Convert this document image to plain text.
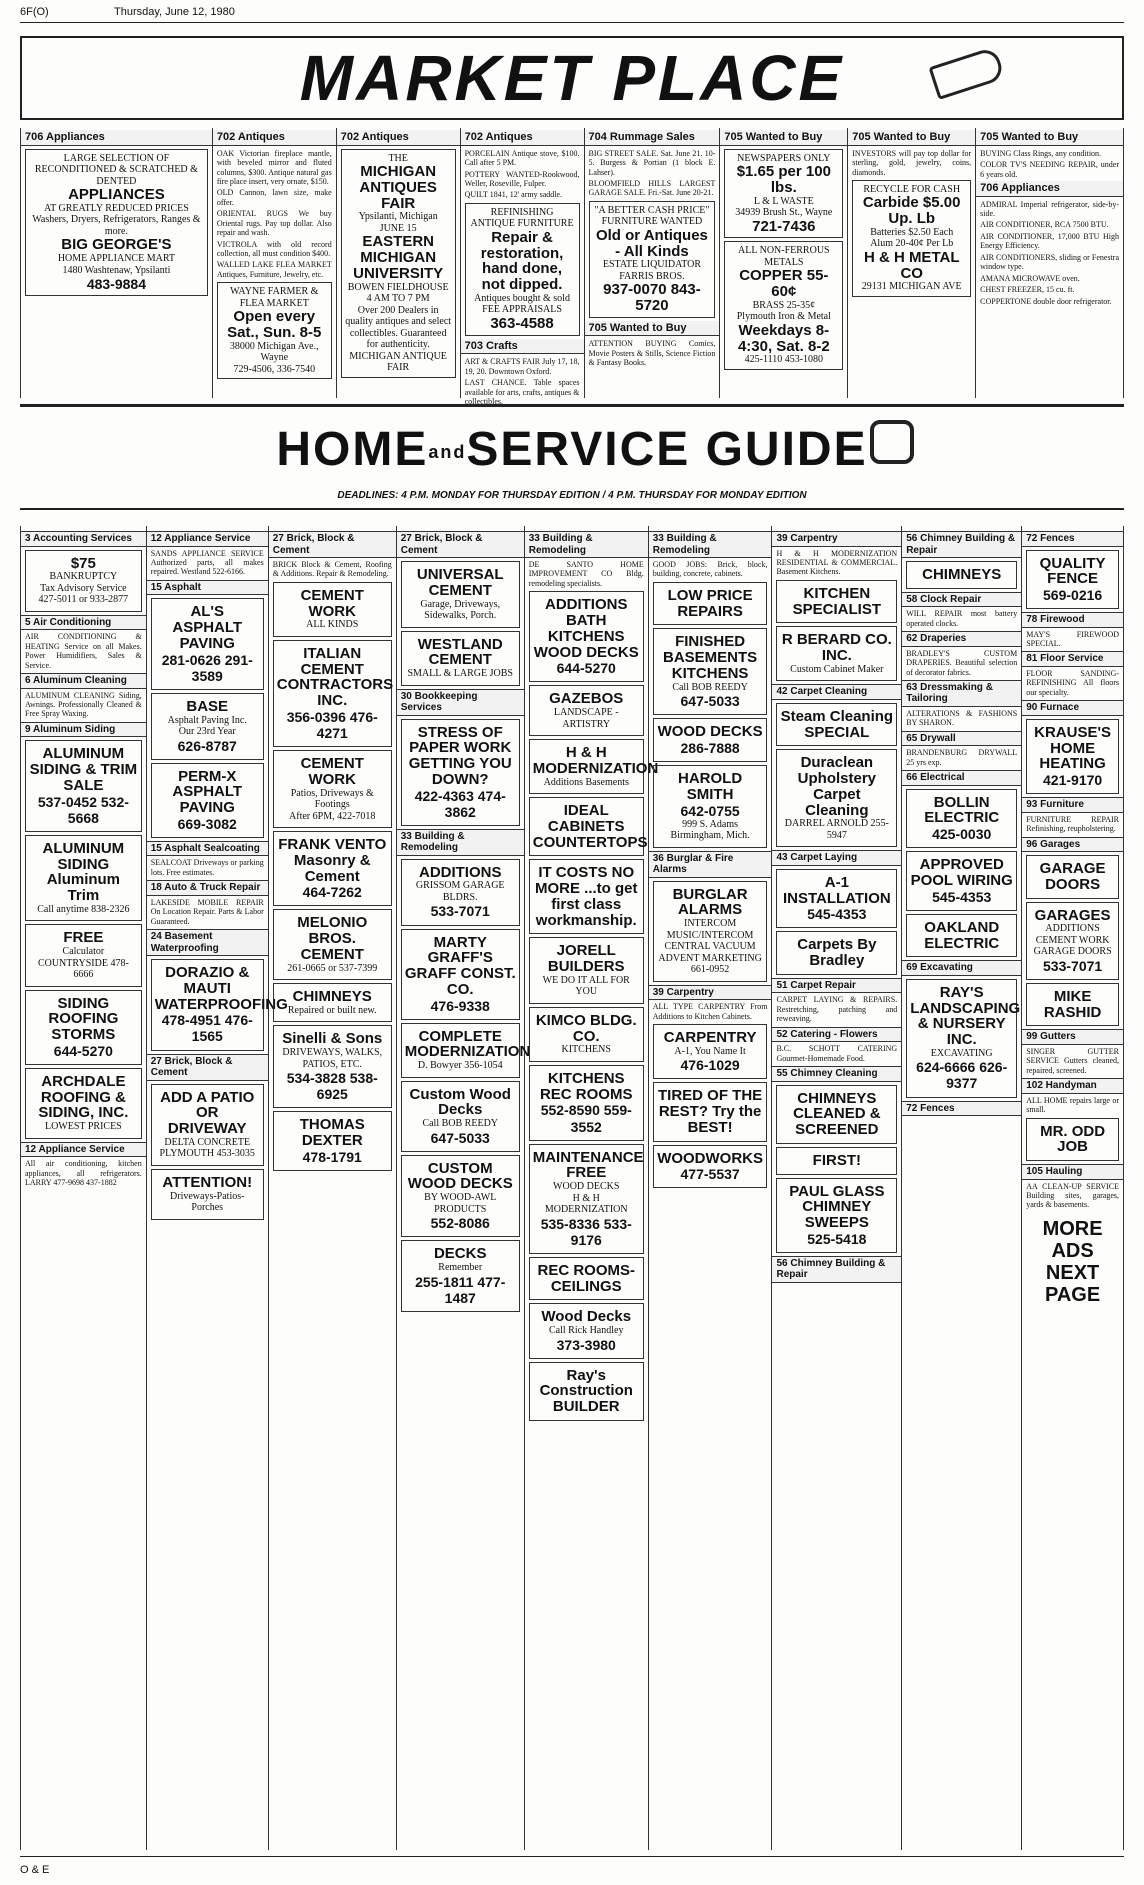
6F(O)	Thursday, June 12, 1980
MARKET PLACE
706 Appliances
LARGE SELECTION OF RECONDITIONED & SCRATCHED & DENTED
APPLIANCES
AT GREATLY REDUCED PRICES
Washers, Dryers, Refrigerators, Ranges & more.
BIG GEORGE'S
HOME APPLIANCE MART
1480 Washtenaw, Ypsilanti
483-9884
702 Antiques
OAK Victorian fireplace mantle, with beveled mirror and fluted columns, $300. Antique natural gas fire place insert, very ornate, $150.
OLD Cannon, lawn size, make offer.
ORIENTAL RUGS We buy Oriental rugs. Pay top dollar. Also repair and wash.
VICTROLA with old record collection, all must condition $400.
WALLED LAKE FLEA MARKET Antiques, Furniture, Jewelry, etc.
WAYNE FARMER & FLEA MARKET
Open every Sat., Sun. 8-5
38000 Michigan Ave., Wayne
729-4506, 336-7540
702 Antiques
THE
MICHIGAN ANTIQUES FAIR
Ypsilanti, Michigan
JUNE 15
EASTERN MICHIGAN UNIVERSITY
BOWEN FIELDHOUSE
4 AM TO 7 PM
Over 200 Dealers in quality antiques and select collectibles. Guaranteed for authenticity.
MICHIGAN ANTIQUE FAIR
702 Antiques
PORCELAIN Antique stove, $100. Call after 5 PM.
POTTERY WANTED-Rookwood, Weller, Roseville, Fulper.
QUILT 1841, 12' army saddle.
REFINISHING ANTIQUE FURNITURE
Repair & restoration, hand done, not dipped.
Antiques bought & sold
FEE APPRAISALS
363-4588
703 Crafts
ART & CRAFTS FAIR July 17, 18, 19, 20. Downtown Oxford.
LAST CHANCE. Table spaces available for arts, crafts, antiques & collectibles.
704 Rummage Sales
BIG STREET SALE. Sat. June 21. 10-5. Burgess & Portian (1 block E. Lahser).
BLOOMFIELD HILLS LARGEST GARAGE SALE. Fri.-Sat. June 20-21.
"A BETTER CASH PRICE" FURNITURE WANTED
Old or Antiques - All Kinds
ESTATE LIQUIDATOR
FARRIS BROS.
937-0070 843-5720
705 Wanted to Buy
ATTENTION BUYING Comics, Movie Posters & Stills, Science Fiction & Fantasy Books.
705 Wanted to Buy
NEWSPAPERS ONLY
$1.65 per 100 lbs.
L & L WASTE
34939 Brush St., Wayne
721-7436
ALL NON-FERROUS METALS
COPPER 55-60¢
BRASS 25-35¢
Plymouth Iron & Metal
Weekdays 8-4:30, Sat. 8-2
425-1110 453-1080
705 Wanted to Buy
INVESTORS will pay top dollar for sterling, gold, jewelry, coins, diamonds.
RECYCLE FOR CASH
Carbide $5.00 Up. Lb
Batteries $2.50 Each
Alum 20-40¢ Per Lb
H & H METAL CO
29131 MICHIGAN AVE
705 Wanted to Buy
BUYING Class Rings, any condition.
COLOR TV'S NEEDING REPAIR, under 6 years old.
706 Appliances
ADMIRAL Imperial refrigerator, side-by-side.
AIR CONDITIONER, RCA 7500 BTU.
AIR CONDITIONER, 17,000 BTU High Energy Efficiency.
AIR CONDITIONERS, sliding or Fenestra window type.
AMANA MICROWAVE oven.
CHEST FREEZER, 15 cu. ft.
COPPERTONE double door refrigerator.
HOMEandSERVICE GUIDE
DEADLINES: 4 P.M. MONDAY FOR THURSDAY EDITION / 4 P.M. THURSDAY FOR MONDAY EDITION
3 Accounting Services
$75
BANKRUPTCY
Tax Advisory Service
427-5011 or 933-2877
5 Air Conditioning
AIR CONDITIONING & HEATING Service on all Makes. Power Humidifiers, Sales & Service.
6 Aluminum Cleaning
ALUMINUM CLEANING Siding, Awnings. Professionally Cleaned & Free Spray Waxing.
9 Aluminum Siding
ALUMINUM SIDING & TRIM SALE
537-0452 532-5668
ALUMINUM SIDING Aluminum Trim
Call anytime 838-2326
FREE
Calculator
COUNTRYSIDE 478-6666
SIDING ROOFING STORMS
644-5270
ARCHDALE ROOFING & SIDING, INC.
LOWEST PRICES
12 Appliance Service
All air conditioning, kitchen appliances, all refrigerators. LARRY 477-9698 437-1882
12 Appliance Service
SANDS APPLIANCE SERVICE Authorized parts, all makes repaired. Westland 522-6166.
15 Asphalt
AL'S ASPHALT PAVING
281-0626 291-3589
BASE
Asphalt Paving Inc.
Our 23rd Year
626-8787
PERM-X ASPHALT PAVING
669-3082
15 Asphalt Sealcoating
SEALCOAT Driveways or parking lots. Free estimates.
18 Auto & Truck Repair
LAKESIDE MOBILE REPAIR On Location Repair. Parts & Labor Guaranteed.
24 Basement Waterproofing
DORAZIO & MAUTI WATERPROOFING
478-4951 476-1565
27 Brick, Block & Cement
ADD A PATIO OR DRIVEWAY
DELTA CONCRETE PLYMOUTH 453-3035
ATTENTION!
Driveways-Patios-Porches
27 Brick, Block & Cement
BRICK Block & Cement, Roofing & Additions. Repair & Remodeling.
CEMENT WORK
ALL KINDS
ITALIAN CEMENT CONTRACTORS INC.
356-0396 476-4271
CEMENT WORK
Patios, Driveways & Footings
After 6PM, 422-7018
FRANK VENTO Masonry & Cement
464-7262
MELONIO BROS. CEMENT
261-0665 or 537-7399
CHIMNEYS
Repaired or built new.
Sinelli & Sons
DRIVEWAYS, WALKS, PATIOS, ETC.
534-3828 538-6925
THOMAS DEXTER
478-1791
27 Brick, Block & Cement
UNIVERSAL CEMENT
Garage, Driveways, Sidewalks, Porch.
WESTLAND CEMENT
SMALL & LARGE JOBS
30 Bookkeeping Services
STRESS OF PAPER WORK GETTING YOU DOWN?
422-4363 474-3862
33 Building & Remodeling
ADDITIONS
GRISSOM GARAGE BLDRS.
533-7071
MARTY GRAFF'S GRAFF CONST. CO.
476-9338
COMPLETE MODERNIZATION
D. Bowyer 356-1054
Custom Wood Decks
Call BOB REEDY
647-5033
CUSTOM WOOD DECKS
BY WOOD-AWL PRODUCTS
552-8086
DECKS
Remember
255-1811 477-1487
33 Building & Remodeling
DE SANTO HOME IMPROVEMENT CO Bldg. remodeling specialists.
ADDITIONS BATH KITCHENS WOOD DECKS
644-5270
GAZEBOS
LANDSCAPE - ARTISTRY
H & H MODERNIZATION
Additions Basements
IDEAL CABINETS COUNTERTOPS
IT COSTS NO MORE ...to get first class workmanship.
JORELL BUILDERS
WE DO IT ALL FOR YOU
KIMCO BLDG. CO.
KITCHENS
KITCHENS REC ROOMS
552-8590 559-3552
MAINTENANCE FREE
WOOD DECKS
H & H MODERNIZATION
535-8336 533-9176
REC ROOMS-CEILINGS
Wood Decks
Call Rick Handley
373-3980
Ray's Construction BUILDER
33 Building & Remodeling
GOOD JOBS: Brick, block, building, concrete, cabinets.
LOW PRICE REPAIRS
FINISHED BASEMENTS KITCHENS
Call BOB REEDY
647-5033
WOOD DECKS
286-7888
HAROLD SMITH
642-0755
999 S. Adams Birmingham, Mich.
36 Burglar & Fire Alarms
BURGLAR ALARMS
INTERCOM
MUSIC/INTERCOM
CENTRAL VACUUM
ADVENT MARKETING 661-0952
39 Carpentry
ALL TYPE CARPENTRY From Additions to Kitchen Cabinets.
CARPENTRY
A-1, You Name It
476-1029
TIRED OF THE REST? Try the BEST!
WOODWORKS
477-5537
39 Carpentry
H & H MODERNIZATION RESIDENTIAL & COMMERCIAL. Basement Kitchens.
KITCHEN SPECIALIST
R BERARD CO. INC.
Custom Cabinet Maker
42 Carpet Cleaning
Steam Cleaning SPECIAL
Duraclean Upholstery Carpet Cleaning
DARREL ARNOLD 255-5947
43 Carpet Laying
A-1 INSTALLATION
545-4353
Carpets By Bradley
51 Carpet Repair
CARPET LAYING & REPAIRS. Restretching, patching and reweaving.
52 Catering - Flowers
B.C. SCHOTT CATERING Gourmet-Homemade Food.
55 Chimney Cleaning
CHIMNEYS CLEANED & SCREENED
FIRST!
PAUL GLASS CHIMNEY SWEEPS
525-5418
56 Chimney Building & Repair
56 Chimney Building & Repair
CHIMNEYS
58 Clock Repair
WILL REPAIR most battery operated clocks.
62 Draperies
BRADLEY'S CUSTOM DRAPERIES. Beautiful selection of decorator fabrics.
63 Dressmaking & Tailoring
ALTERATIONS & FASHIONS BY SHARON.
65 Drywall
BRANDENBURG DRYWALL 25 yrs exp.
66 Electrical
BOLLIN ELECTRIC
425-0030
APPROVED POOL WIRING
545-4353
OAKLAND ELECTRIC
69 Excavating
RAY'S LANDSCAPING & NURSERY INC.
EXCAVATING
624-6666 626-9377
72 Fences
72 Fences
QUALITY FENCE
569-0216
78 Firewood
MAY'S FIREWOOD SPECIAL.
81 Floor Service
FLOOR SANDING-REFINISHING All floors our specialty.
90 Furnace
KRAUSE'S HOME HEATING
421-9170
93 Furniture
FURNITURE REPAIR Refinishing, reupholstering.
96 Garages
GARAGE DOORS
GARAGES
ADDITIONS
CEMENT WORK
GARAGE DOORS
533-7071
MIKE RASHID
99 Gutters
SINGER GUTTER SERVICE Gutters cleaned, repaired, screened.
102 Handyman
ALL HOME repairs large or small.
MR. ODD JOB
105 Hauling
AA CLEAN-UP SERVICE Building sites, garages, yards & basements.
MORE ADS NEXT PAGE
O & E
